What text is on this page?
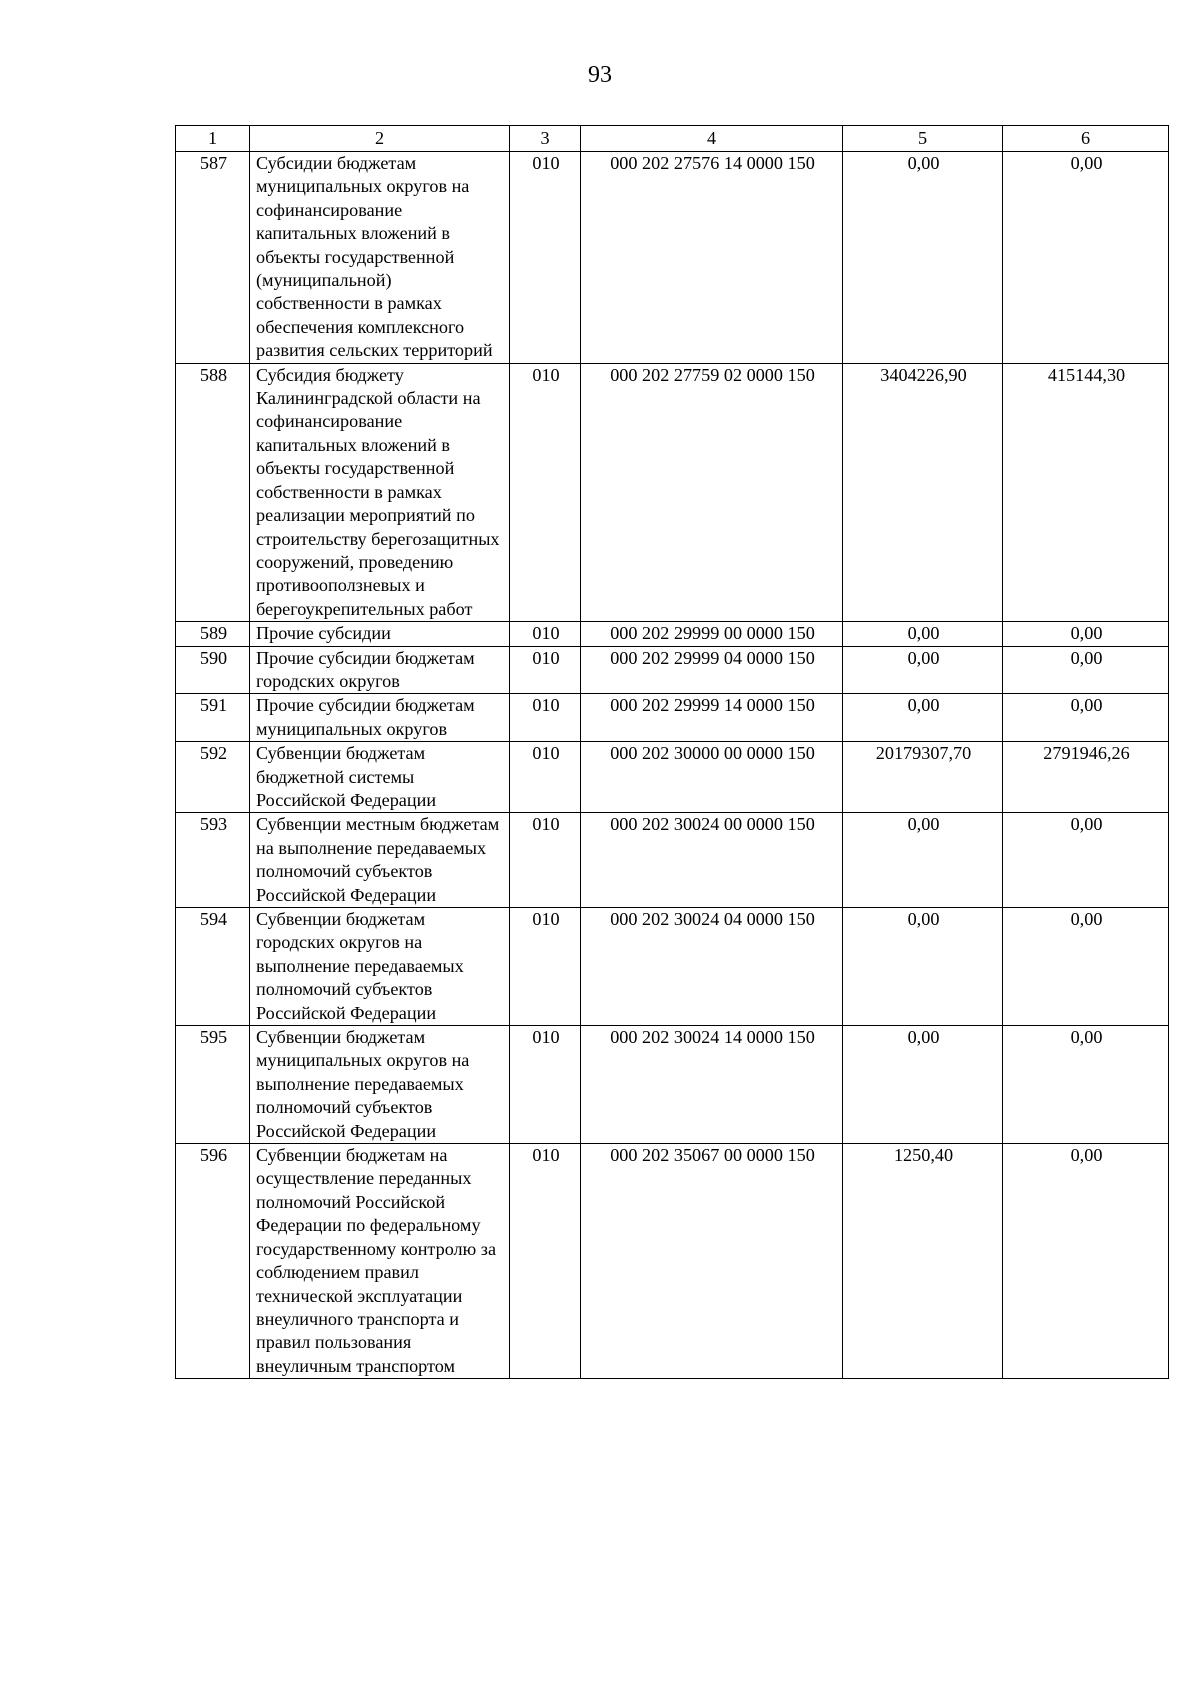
93
1	2	3	4	5	6
587	Субсидии бюджетам муниципальных округов на софинансирование капитальных вложений в объекты государственной (муниципальной) собственности в рамках обеспечения комплексного развития сельских территорий	010	000 202 27576 14 0000 150	0,00	0,00
588	Субсидия бюджету Калининградской области на софинансирование капитальных вложений в объекты государственной собственности в рамках реализации мероприятий по строительству берегозащитных сооружений, проведению противооползневых и берегоукрепительных работ	010	000 202 27759 02 0000 150	3404226,90	415144,30
589	Прочие субсидии	010	000 202 29999 00 0000 150	0,00	0,00
590	Прочие субсидии бюджетам городских округов	010	000 202 29999 04 0000 150	0,00	0,00
591	Прочие субсидии бюджетам муниципальных округов	010	000 202 29999 14 0000 150	0,00	0,00
592	Субвенции бюджетам бюджетной системы Российской Федерации	010	000 202 30000 00 0000 150	20179307,70	2791946,26
593	Субвенции местным бюджетам на выполнение передаваемых полномочий субъектов Российской Федерации	010	000 202 30024 00 0000 150	0,00	0,00
594	Субвенции бюджетам городских округов на выполнение передаваемых полномочий субъектов Российской Федерации	010	000 202 30024 04 0000 150	0,00	0,00
595	Субвенции бюджетам муниципальных округов на выполнение передаваемых полномочий субъектов Российской Федерации	010	000 202 30024 14 0000 150	0,00	0,00
596	Субвенции бюджетам на осуществление переданных полномочий Российской Федерации по федеральному государственному контролю за соблюдением правил технической эксплуатации внеуличного транспорта и правил пользования внеуличным транспортом	010	000 202 35067 00 0000 150	1250,40	0,00
